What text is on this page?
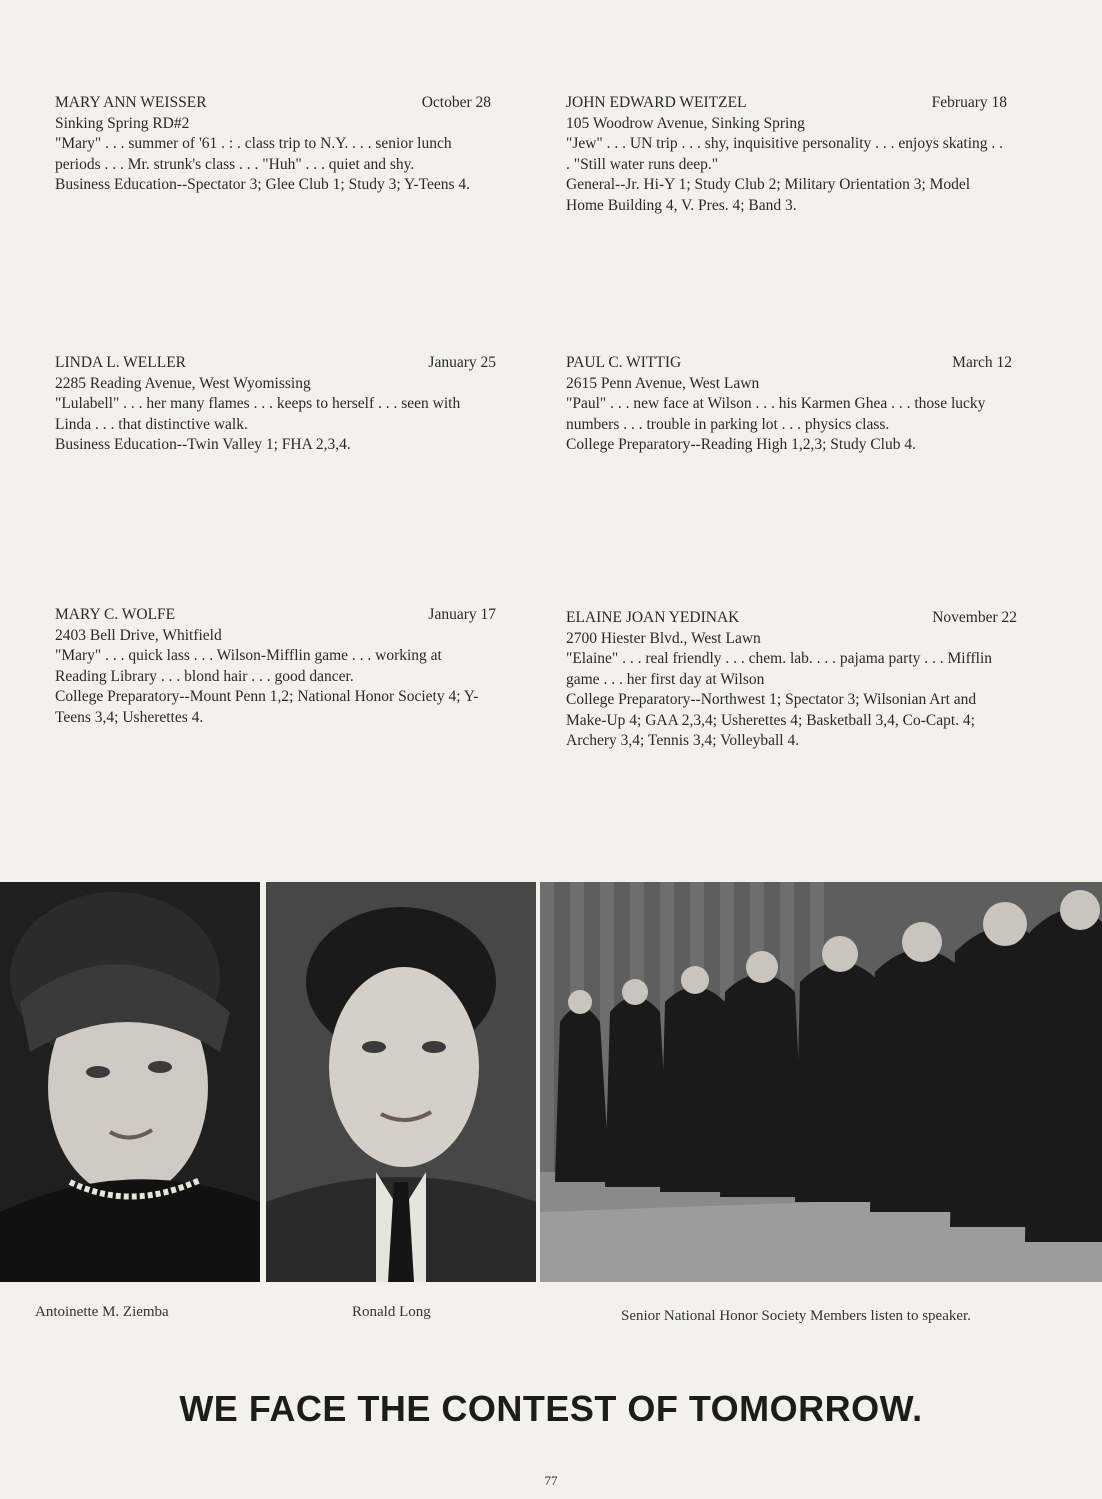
MARY ANN WEISSER	October 28

Sinking Spring RD#2

"Mary" . . . summer of '61 . : . class trip to N.Y. . . . senior lunch periods . . . Mr. strunk's class . . . "Huh" . . . quiet and shy.

Business Education--Spectator 3; Glee Club 1; Study 3; Y-Teens 4.

JOHN EDWARD WEITZEL	February 18

105 Woodrow Avenue, Sinking Spring

"Jew" . . . UN trip . . . shy, inquisitive personality . . . enjoys skating . . . "Still water runs deep."

General--Jr. Hi-Y 1; Study Club 2; Military Orientation 3; Model Home Building 4, V. Pres. 4; Band 3.

LINDA L. WELLER	January 25

2285 Reading Avenue, West Wyomissing

"Lulabell" . . . her many flames . . . keeps to herself . . . seen with Linda . . . that distinctive walk.

Business Education--Twin Valley 1; FHA 2,3,4.

PAUL C. WITTIG	March 12

2615 Penn Avenue, West Lawn

"Paul" . . . new face at Wilson . . . his Karmen Ghea . . . those lucky numbers . . . trouble in parking lot . . . physics class.

College Preparatory--Reading High 1,2,3; Study Club 4.

MARY C. WOLFE	January 17

2403 Bell Drive, Whitfield

"Mary" . . . quick lass . . . Wilson-Mifflin game . . . working at Reading Library . . . blond hair . . . good dancer.

College Preparatory--Mount Penn 1,2; National Honor Society 4; Y-Teens 3,4; Usherettes 4.

ELAINE JOAN YEDINAK	November 22

2700 Hiester Blvd., West Lawn

"Elaine" . . . real friendly . . . chem. lab. . . . pajama party . . . Mifflin game . . . her first day at Wilson

College Preparatory--Northwest 1; Spectator 3; Wilsonian Art and Make-Up 4; GAA 2,3,4; Usherettes 4; Basketball 3,4, Co-Capt. 4; Archery 3,4; Tennis 3,4; Volleyball 4.

Antoinette M. Ziemba	Ronald Long	Senior National Honor Society Members listen to speaker.
WE FACE THE CONTEST OF TOMORROW.
77
